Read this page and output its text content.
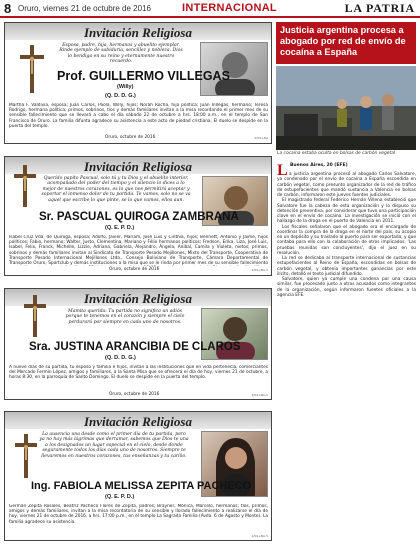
8 Oruro, viernes 21 de octubre de 2016	INTERNACIONAL	LA PATRIA
Invitación Religiosa
Esposa, padre, hija, hermanos y abuelito ejemplar. Rinde ejemplo de sabiduría, sencillez y nobleza. Dios lo bendiga en su reino y eternamente nuestro recuerdo.
Prof. GUILLERMO VILLEGAS
(Willy)
(Q. D. D. G.)
Martha F. Valdivia, esposa; Juan Carlos, Paola, Willy, hijos; Norah Rocha, hija política; Juan Villegas, hermano; Teresa Rodrigo, hermana política; primos, sobrinos, tíos y demás familiares invitan a la misa recordando el primer mes de su sensible fallecimiento que se llevará a cabo el día sábado 22 de octubre a hrs. 18:00 a.m., en el templo de San Francisco de Oruro. La familia difunta agradece su asistencia a este acto de piedad cristiana. El duelo se despide en la puerta del templo.
Oruro, octubre de 2016	2/09-LBA
Invitación Religiosa
Querido papito Pascual, solo tú y tu Dios y el abuelito interior, acompañado del poder del tiempo y el silencio lo dices a lo mejor de nuestros corazones, es lo que nos permitirá aceptar y soportar el inmenso dolor de tu partida. Te vamos, solo no se va aquel que escribe lo que pinte, se lo que vamos, ellos aun.
Sr. PASCUAL QUIROGA ZAMBRANA
(Q. E. P. D.)
Isabel Cruz Vda. de Quiroga, esposa; Adolfo, Javier, Mariam, José Luis y Cinthia, hijos; Bennett, Antonio y Jaime, hijos políticos; Fabio, hermano; Walter, Justo, Clementina, Mariano y Félix hermanos políticos; Fredson, Erika, Liza, José Luis, Isabel, Felix, Franck, Michelle, Lizzie, Adriana, Gabriela, Alejandro, Ángela, Anibal, Camila y Violeta, nietos; primos, sobrinos y demás familiares invitan al Sindicato de Transporte Pesado Mejillones, Mixto del Transporte, Cooperativa de Transporte Pesado Internacional Mejillones Ltda., Consejo Boliviano de Transporte, Cámara Departamental de Transporte Oruro, Sportclub y demás instituciones a la misa que se le rinda por primer mes de su sensible fallecimiento
Oruro, octubre de 2016	2/09-LBA-5
Invitación Religiosa
Mamita querida: Tu partida no significa un adiós porque te tenemos en el corazón y siempre el cielo perdurará por siempre en cada uno de nosotros.
Sra. JUSTINA ARANCIBIA DE CLAROS
(Q. D. D. G.)
A nueve días de su partida, tu esposo y familia e hijos, invitan a las instituciones que en vida pertenecía, comerciantes del Mercado Fermín López, amigos y familiares, a la Santa Misa que se ofrecerá el día de hoy, viernes 21 de octubre, a horas 8:30, en la parroquia de Santo Domingo. El duelo se despide en la puerta del templo.
Oruro, octubre de 2016	2/09-LBA-5
Invitación Religiosa
La ausencia una desde como el primer día de tu partida, pero ya no hay más lágrimas que derramar, sabemos que Dios te una a los designados un lugar especial en el cielo, desde donde seguramente todos los días cada uno de nosotros. Siempre te llevaremos en nuestros corazones, tus enseñanzas y tu cariño.
Ing. FABIOLA MELISSA ZEPITA PACHECO
(Q. E. P. D.)
Germán Zepita Rosales, Beatriz Pacheco Flores de Zepita, padres; Brayner, Mónica, Marcelo, hermanos; tíos, primos, amigos y demás familiares, invitan a la misa recordatoria de su sensible y llorado fallecimiento a realizarse el día de hoy, viernes 21 de octubre de 2016, a hrs. 17:00 p.m., en el templo La Sagrada Familia (Avda. 6 de Agosto y Monte). La familia agradece su asistencia.
2/09-LBA-5
Justicia argentina procesa a abogado por red de envío de cocaína a España
La cocaína estaba oculta en bolsas de carbón vegetal
L Buenos Aires, 20 (EFE)

a justicia argentina procesó al abogado Carlos Salvatore, ya condenado por el envío de cocaína a España escondida en carbón vegetal, como presunto organizador de la red de tráfico de estupefacientes que mandó sustancia a Valencia en bolsas de carbón, informaron este jueves fuentes judiciales.

El magistrado federal Federico Hernán Villena estableció que Salvatore fue la cabeza de esta organización y lo dispuso su detención preventiva, por considerar que tuvo una participación clave en el envío de cocaína. La investigación se inició con el hallazgo de la droga en el puerto de Valencia en 2011.

Los fiscales señalaron que el abogado era el encargado de coordinar la compra de la droga en el norte del país, su acopio en un depósito y su traslado al puerto para ser exportada, y que contaba para ello con la colaboración de otros implicados. 'Las pruebas reunidas son concluyentes', dijo el juez en su resolución.

La red se dedicaba al transporte internacional de sustancias estupefacientes al Reino de España, escondidas en bolsas de carbón vegetal, y obtenía importantes ganancias por este ilícito, detalló el texto judicial difundido.

Salvatore, quien ya cumple una condena por una causa similar, fue procesado junto a otros acusados como integrantes de la organización, según informaron fuentes oficiales a la agencia EFE.
